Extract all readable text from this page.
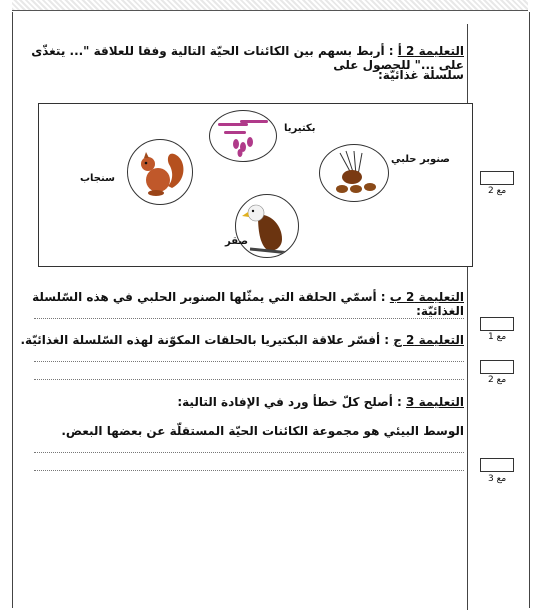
التعليمة 2 أ : أربط بسهم بين الكائنات الحيّة التالية وفقا للعلاقة "... يتغذّى على ..." للحصول على
سلسلة غذائيّة:
بكتيريا
صنوبر حلبي
سنجاب
صقر
التعليمة 2 ب : أسمّي الحلقة التي يمثّلها الصنوبر الحلبي في هذه السّلسلة الغذائيّة:
التعليمة 2 ج : أفسّر علاقة البكتيريا بالحلقات المكوّنة لهذه السّلسلة الغذائيّة.
التعليمة 3 : أصلح كلّ خطأ ورد في الإفادة التالية:
الوسط البيئي هو مجموعة الكائنات الحيّة المستقلّة عن بعضها البعض.
مع 2
مع 1
مع 2
مع 3
